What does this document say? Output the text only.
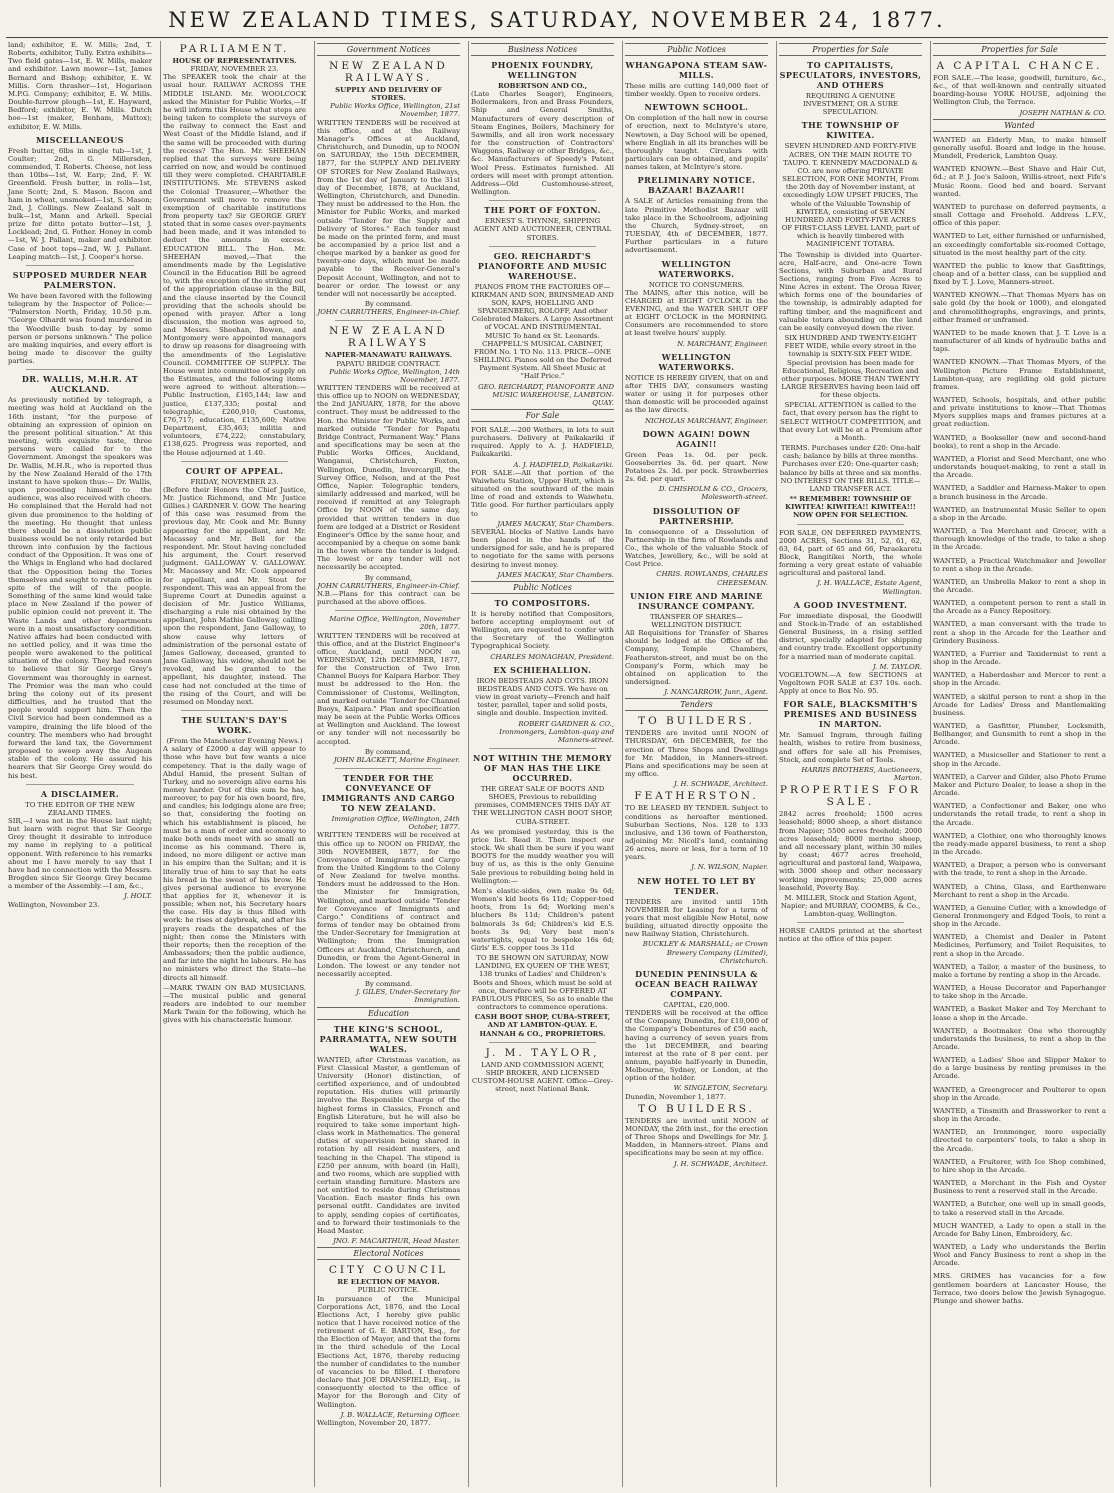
NEW ZEALAND TIMES, SATURDAY, NOVEMBER 24, 1877.

land; exhibitor, E. W. Mills; 2nd, T. Roberts, exhibitor, Tully. Extra exhibits—Two field gates—1st, E. W. Mills, maker and exhibitor. Lawn mower—1st, James Bernard and Bishop; exhibitor, E. W. Millis. Corn thrasher—1st, Hogarison M.P.G. Company; exhibitor, E. W. Mills. Double-furrow plough—1st, E. Hayward, Bedford; exhibitor, E. W. Mills. Dutch hoe—1st (maker, Benham, Mattox); exhibitor, E. W. Mills.

MISCELLANEOUS

Fresh butter, 6lbs in single tub—1st, J. Coulter; 2nd, G. Millersden, commended, T. Roberts. Cheese, not less than 10lbs—1st, W. Earp; 2nd, F. W. Greenfield. Fresh butter, in rolls—1st, Jane Scott; 2nd, S. Mason. Bacon and ham in wheat, unsmoked—1st, S. Mason; 2nd, J. Collings. New Zealand salt in bulk—1st, Mann and Arkell. Special prize for ditto potato butter—1st, J. Locklead; 2nd, G. Fother. Honey in comb—1st, W. J. Pallant, maker and exhibitor. Case of boot tops—2nd, W. J. Pallant. Leaping match—1st, J. Cooper's horse.

SUPPOSED MURDER NEAR PALMERSTON.

We have been favored with the following telegram by the Inspector of Police:— "Palmerston North, Friday, 10.50 p.m. "George Olhardt was found murdered in the Woodville bush to-day by some person or persons unknown." The police are making inquiries, and every effort is being made to discover the guilty parties.

DR. WALLIS, M.H.R. AT AUCKLAND.

As previously notified by telegraph, a meeting was held at Auckland on the 16th instant, "for the purpose of obtaining an expression of opinion on the present political situation." At this meeting, with exquisite taste, three persons were called for to the Government. Amongst the speakers was Dr. Wallis, M.H.R., who is reported thus by the New Zealand Herald of the 17th instant to have spoken thus:— Dr. Wallis, upon proceeding himself to the audience, was also received with cheers. He complained that the Herald had not given due prominence to the holding of the meeting. He thought that unless there should be a dissolution public business would be not only retarded but thrown into confusion by the factious conduct of the Opposition. It was one of the Whigs in England who had declared that the Opposition being the Tories themselves and sought to retain office in spite of the will of the people. Something of the same kind would take place in New Zealand if the power of public opinion could not prevent it. The Waste Lands and other departments were in a most unsatisfactory condition. Native affairs had been conducted with no settled policy, and it was time the people were awakened to the political situation of the colony. They had reason to believe that Sir George Grey's Government was thoroughly in earnest. The Premier was the man who could bring the colony out of its present difficulties, and he trusted that the people would support him. Then the Civil Service had been condemned as a vampire, draining the life blood of the country. The members who had brought forward the land tax, the Government proposed to sweep away the Augean stable of the colony. He assured his hearers that Sir George Grey would do his best.

A DISCLAIMER.
TO THE EDITOR OF THE NEW ZEALAND TIMES.

SIR,—I was not in the House last night; but learn with regret that Sir George Grey thought it desirable to introduce my name in replying to a political opponent. With reference to his remarks about me I have merely to say that I have had no connection with the Messrs. Brogden since Sir George Grey became a member of the Assembly.—I am, &c.,

J. HOLT.
Wellington, November 23.
PARLIAMENT.
HOUSE OF REPRESENTATIVES.
FRIDAY, NOVEMBER 23.

The SPEAKER took the chair at the usual hour. RAILWAY ACROSS THE MIDDLE ISLAND. Mr. WOOLCOCK asked the Minister for Public Works,—If he will inform this House what steps are being taken to complete the surveys of the railway to connect the East and West Coast of the Middle Island, and if the same will be proceeded with during the recess? The Hon. Mr. SHEEHAN replied that the surveys were being carried on now, and would be continued till they were completed. CHARITABLE INSTITUTIONS. Mr. STEVENS asked the Colonial Treasurer,—Whether the Government will move to remove the exemption of charitable institutions from property tax? Sir GEORGE GREY stated that in some cases over-payments had been made, and it was intended to deduct the amounts in excess. EDUCATION BILL. The Hon. Mr. SHEEHAN moved,—That the amendments made by the Legislative Council in the Education Bill be agreed to, with the exception of the striking out of the appropriation clause in the Bill, and the clause inserted by the Council providing that the schools should be opened with prayer. After a long discussion, the motion was agreed to, and Messrs. Sheehan, Bowen, and Montgomery were appointed managers to draw up reasons for disagreeing with the amendments of the Legislative Council. COMMITTEE OF SUPPLY. The House went into committee of supply on the Estimates, and the following items were agreed to without alteration:—Public Instruction, £165,144; law and justice, £137,335; postal and telegraphic, £260,910; Customs, £76,717; education, £135,600; Native Department, £35,463; militia and volunteers, £74,222; constabulary, £138,625. Progress was reported, and the House adjourned at 1.40.

COURT OF APPEAL.
FRIDAY, NOVEMBER 23.

(Before their Honors the Chief Justice, Mr. Justice Richmond, and Mr. Justice Gillies.) GARDNER V. GOW. The hearing of this case was resumed from the previous day, Mr. Cook and Mr. Bunny appearing for the appellant, and Mr. Macassey and Mr. Bell for the respondent. Mr. Stout having concluded his argument, the Court reserved judgment. GALLOWAY V. GALLOWAY. Mr. Macassey and Mr. Cook appeared for appellant, and Mr. Stout for respondent. This was an appeal from the Supreme Court at Dunedin against a decision of Mr. Justice Williams, discharging a rule nisi obtained by the appellant, John Mathie Galloway, calling upon the respondent, Jane Galloway, to show cause why letters of administration of the personal estate of James Galloway, deceased, granted to Jane Galloway, his widow, should not be revoked, and be granted to the appellant, his daughter, instead. The case had not concluded at the time of the rising of the Court, and will be resumed on Monday next.

THE SULTAN'S DAY'S WORK.
(From the Manchester Evening News.)

A salary of £2000 a day will appear to those who have but few wants a nice competency. That is the daily wage of Abdul Hamid, the present Sultan of Turkey, and no sovereign alive earns his money harder. Out of this sum he has, moreover, to pay for his own board, fire, and candles; his lodgings alone are free; so that, considering the footing on which his establishment is placed, he must be a man of order and economy to make both ends meet with so small an income as his command. There is, indeed, no more diligent or active man in his empire than the Sultan; and it is literally true of him to say that he eats his bread in the sweat of his brow. He gives personal audience to everyone that applies for it, whenever it is possible; when not, his Secretary hears the case. His day is thus filled with work: he rises at daybreak, and after his prayers reads the despatches of the night; then come the Ministers with their reports; then the reception of the Ambassadors; then the public audience, and far into the night he labours. He has no ministers who direct the State—he directs all himself.

—MARK TWAIN ON BAD MUSICIANS.—The musical public and general readers are indebted to our member Mark Twain for the following, which he gives with his characteristic humour.

Government Notices
NEW ZEALAND RAILWAYS.
SUPPLY AND DELIVERY OF STORES.
Public Works Office, Wellington, 21st November, 1877.

WRITTEN TENDERS will be received at this office, and at the Railway Manager's Offices at Auckland, Christchurch, and Dunedin, up to NOON on SATURDAY, the 15th DECEMBER, 1877, for the SUPPLY AND DELIVERY OF STORES for New Zealand Railways, from the 1st day of January to the 31st day of December, 1878, at Auckland, Wellington, Christchurch, and Dunedin. They must be addressed to the Hon. the Minister for Public Works, and marked outside "Tender for the Supply and Delivery of Stores." Each tender must be made on the printed form, and must be accompanied by a price list and a cheque marked by a banker as good for twenty-one days, which must be made payable to the Receiver-General's Deposit Account, Wellington, and not to bearer or order. The lowest or any tender will not necessarily be accepted.

By command.
JOHN CARRUTHERS, Engineer-in-Chief.
NEW ZEALAND RAILWAYS
NAPIER-MANAWATU RAILWAYS.
PAPATU BRIDGE CONTRACT.
Public Works Office, Wellington, 14th November, 1877.

WRITTEN TENDERS will be received at this office up to NOON on WEDNESDAY, the 2nd JANUARY, 1878, for the above contract. They must be addressed to the Hon. the Minister for Public Works, and marked outside "Tender for Papatu Bridge Contract, Permanent Way." Plans and specifications may be seen at the Public Works Offices, Auckland, Wanganui, Christchurch, Foxton, Wellington, Dunedin, Invercargill, the Survey Office, Nelson, and at the Post Office, Napier. Telegraphic tenders, similarly addressed and marked, will be received if remitted at any Telegraph Office by NOON of the same day, provided that written tenders in due form are lodged at a District or Resident Engineer's Office by the same hour, and accompanied by a cheque on some bank in the town where the tender is lodged. The lowest or any tender will not necessarily be accepted.

By command,
JOHN CARRUTHERS, Engineer-in-Chief.

N.B.—Plans for this contract can be purchased at the above offices.

Marine Office, Wellington, November 20th, 1877.

WRITTEN TENDERS will be received at this office, and at the District Engineer's office, Auckland, until NOON on WEDNESDAY, 12th DECEMBER, 1877, for the Construction of Two Iron Channel Buoys for Kaipara Harbor. They must be addressed to the Hon. the Commissioner of Customs, Wellington, and marked outside "Tender for Channel Buoys, Kaipara." Plan and specification may be seen at the Public Works Offices at Wellington and Auckland. The lowest or any tender will not necessarily be accepted.

By command,
JOHN BLACKETT, Marine Engineer.
TENDER FOR THE CONVEYANCE OF IMMIGRANTS AND CARGO TO NEW ZEALAND.
Immigration Office, Wellington, 24th October, 1877.

WRITTEN TENDERS will be received at this office up to NOON on FRIDAY, the 30th NOVEMBER, 1877, for the Conveyance of Immigrants and Cargo from the United Kingdom to the Colony of New Zealand for twelve months. Tenders must be addressed to the Hon. the Minister for Immigration, Wellington, and marked outside "Tender for Conveyance of Immigrants and Cargo." Conditions of contract and forms of tender may be obtained from the Under-Secretary for Immigration at Wellington; from the Immigration Officers at Auckland, Christchurch, and Dunedin, or from the Agent-General in London. The lowest or any tender not necessarily accepted.

By command.
J. GILES, Under-Secretary for Immigration.
Education
THE KING'S SCHOOL, PARRAMATTA, NEW SOUTH WALES.

WANTED, after Christmas vacation, as First Classical Master, a gentleman of University (Honor) distinction, of certified experience, and of undoubted reputation. His duties will primarily involve the Responsible Charge of the highest forms in Classics, French and English Literature, but he will also be required to take some important high-class work in Mathematics. The general duties of supervision being shared in rotation by all resident masters, and teaching in the Chapel. The stipend is £250 per annum, with board (in Hall), and two rooms, which are supplied with certain standing furniture. Masters are not entitled to reside during Christmas Vacation. Each master finds his own personal outfit. Candidates are invited to apply, sending copies of certificates, and to forward their testimonials to the Head Master.

JNO. F. MACARTHUR, Head Master.
Electoral Notices
CITY COUNCIL
RE ELECTION OF MAYOR.
PUBLIC NOTICE.

In pursuance of the Municipal Corporations Act, 1876, and the Local Elections Act, I hereby give public notice that I have received notice of the retirement of G. E. BARTON, Esq., for the Election of Mayor, and that the form in the third schedule of the Local Elections Act, 1876, thereby reducing the number of candidates to the number of vacancies to be filled. I therefore declare that JOE DRANSFIELD, Esq., is consequently elected to the office of Mayor for the Borough and City of Wellington.

J. B. WALLACE, Returning Officer.
Wellington, November 20, 1877.
Business Notices
PHOENIX FOUNDRY, WELLINGTON
ROBERTSON AND CO.,

(Late Charles Seager), Engineers, Boilermakers, Iron and Brass Founders, Ship and General Smiths, Manufacturers of every description of Steam Engines, Boilers, Machinery for Sawmills, and all iron work necessary for the construction of Contractors' Waggons, Railway or other Bridges, &c., &c. Manufacturers of Speedy's Patent Wool Press. Estimates furnished. All orders will meet with prompt attention. Address—Old Customhouse-street, Wellington.

THE PORT OF FOXTON.

ERNEST S. THYNNE, SHIPPING AGENT AND AUCTIONEER, CENTRAL STORES.

GEO. REICHARDT'S PIANOFORTE AND MUSIC WAREHOUSE.

PIANOS FROM THE FACTORIES OF—KIRKMAN AND SON, BRINSMEAD AND SON, KAPS, HOELLING AND SPANGENBERG, ROLOFF, And other Celebrated Makers. A Large Assortment of VOCAL AND INSTRUMENTAL MUSIC To hand ex St. Leonards. CHAPPELL'S MUSICAL CABINET, FROM No. 1 TO No. 113. PRICE—ONE SHILLING. Pianos sold on the Deferred Payment System. All Sheet Music at "Half Price."

GEO. REICHARDT, PIANOFORTE AND MUSIC WAREHOUSE, LAMBTON-QUAY.
For Sale

FOR SALE.—200 Wethers, in lots to suit purchasers. Delivery at Paikakariki if required. Apply to A. J. HADFIELD, Paikakariki.

A. J. HADFIELD, Paikakariki.

FOR SALE.—All that portion of the Waiwhetu Station, Upper Hutt, which is situated on the southward of the main line of road and extends to Waiwhetu. Title good. For further particulars apply to

JAMES MACKAY, Star Chambers.

SEVERAL blocks of Native Lands have been placed in the hands of the undersigned for sale, and he is prepared to negotiate for the same with persons desiring to invest money.

JAMES MACKAY, Star Chambers.
Public Notices
TO COMPOSITORS.

It is hereby notified that Compositors, before accepting employment out of Wellington, are requested to confer with the Secretary of the Wellington Typographical Society.

CHARLES MONAGHAN, President.
EX SCHIEHALLION.

IRON BEDSTEADS AND COTS. IRON BEDSTEADS AND COTS. We have on view in great variety—French and half tester, parallel, taper and solid posts, single and double. Inspection invited.

ROBERT GARDNER & CO., Ironmongers, Lambton-quay and Manners-street.
NOT WITHIN THE MEMORY OF MAN HAS THE LIKE OCCURRED.

THE GREAT SALE OF BOOTS AND SHOES, Previous to rebuilding premises, COMMENCES THIS DAY AT THE WELLINGTON CASH BOOT SHOP, CUBA-STREET.

As we promised yesterday, this is the price list. Read it. Then inspect our stock. We shall then be sure if you want BOOTS for the muddy weather you will buy of us, as this is the only Genuine Sale previous to rebuilding being held in Wellington:—

Men's elastic-sides, own make 9s 6d; Women's kid boots 6s 11d; Copper-toed boots, from 1s 6d; Working men's bluchers 8s 11d; Children's patent balmorals 3s 6d; Children's kid E.S. boots 3s 9d; Very best men's watertights, equal to bespoke 16s 6d; Girls' E.S. copper toes 3s 11d

TO BE SHOWN ON SATURDAY, NOW LANDING, EX QUEEN OF THE WEST, 138 trunks of Ladies' and Children's Boots and Shoes, which must be sold at once, therefore will be OFFERED AT FABULOUS PRICES, So as to enable the contractors to commence operations.

CASH BOOT SHOP, CUBA-STREET, AND AT LAMBTON-QUAY. E. HANNAH & CO., PROPRIETORS.

J. M. TAYLOR,

LAND AND COMMISSION AGENT, SHIP BROKER, AND LICENSED CUSTOM-HOUSE AGENT. Office—Grey-street, next National Bank.

Public Notices
WHANGAPONA STEAM SAW-MILLS.

These mills are cutting 140,000 feet of timber weekly. Open to receive orders.

NEWTOWN SCHOOL.

On completion of the hall now in course of erection, next to McIntyre's store, Newtown, a Day School will be opened, where English in all its branches will be thoroughly taught. Circulars with particulars can be obtained, and pupils' names taken, at McIntyre's store.

PRELIMINARY NOTICE. BAZAAR! BAZAAR!!

A SALE of Articles remaining from the late Primitive Methodist Bazaar will take place in the Schoolroom, adjoining the Church, Sydney-street, on TUESDAY, 4th of DECEMBER, 1877. Further particulars in a future advertisement.

WELLINGTON WATERWORKS.
NOTICE TO CONSUMERS.

The MAINS, after this notice, will be CHARGED at EIGHT O'CLOCK in the EVENING, and the WATER SHUT OFF at EIGHT O'CLOCK in the MORNING. Consumers are recommended to store at least twelve hours' supply.

N. MARCHANT, Engineer.
WELLINGTON WATERWORKS.

NOTICE IS HEREBY GIVEN, that on and after THIS DAY, consumers wasting water or using it for purposes other than domestic will be proceeded against as the law directs.

NICHOLAS MARCHANT, Engineer.
DOWN AGAIN! DOWN AGAIN!!

Green Peas 1s. 0d. per peck. Gooseberries 3s. 6d. per quart. New Potatoes 2s. 3d. per peck. Strawberries 2s. 6d. per quart.

D. CHISHOLM & CO., Grocers, Molesworth-street.
DISSOLUTION OF PARTNERSHIP.

In consequence of a Dissolution of Partnership in the firm of Rowlands and Co., the whole of the valuable Stock of Watches, Jewellery, &c., will be sold at Cost Price.

CHRIS. ROWLANDS, CHARLES CHEESEMAN.
UNION FIRE AND MARINE INSURANCE COMPANY.
TRANSFER OF SHARES—WELLINGTON DISTRICT.

All Requisitions for Transfer of Shares should be lodged at the Office of the Company, Temple Chambers, Featherston-street, and must be on the Company's Form, which may be obtained on application to the undersigned.

J. NANCARROW, Junr., Agent.
Tenders
TO BUILDERS.

TENDERS are invited until NOON of THURSDAY, 6th DECEMBER, for the erection of Three Shops and Dwellings for Mr. Maddon, in Manners-street. Plans and specifications may be seen at my office.

J. H. SCHWADE, Architect.
FEATHERSTON.

TO BE LEASED BY TENDER. Subject to conditions as hereafter mentioned. Suburban Sections, Nos. 128 to 133 inclusive, and 136 town of Featherston, adjoining Mr. Nicoll's land, containing 26 acres, more or less, for a term of 10 years.

J. N. WILSON, Napier.
NEW HOTEL TO LET BY TENDER.

TENDERS are invited until 15th NOVEMBER for Leasing for a term of years that most eligible New Hotel, now building, situated directly opposite the new Railway Station, Christchurch.

BUCKLEY & MARSHALL; or Crown Brewery Company (Limited), Christchurch.
DUNEDIN PENINSULA & OCEAN BEACH RAILWAY COMPANY.
CAPITAL, £20,000.

TENDERS will be received at the office of the Company, Dunedin, for £10,000 of the Company's Debentures of £50 each, having a currency of seven years from the 1st DECEMBER, and bearing interest at the rate of 8 per cent. per annum, payable half-yearly in Dunedin, Melbourne, Sydney, or London, at the option of the holder.

W. SINGLETON, Secretary.
Dunedin, November 1, 1877.
TO BUILDERS.

TENDERS are invited until NOON of MONDAY, the 26th inst., for the erection of Three Shops and Dwellings for Mr. J. Madden, in Manners-street. Plans and specifications may be seen at my office.

J. H. SCHWADE, Architect.
Properties for Sale
TO CAPITALISTS, SPECULATORS, INVESTORS, AND OTHERS
REQUIRING A GENUINE INVESTMENT, OR A SURE SPECULATION.
THE TOWNSHIP OF KIWITEA.

SEVEN HUNDRED AND FORTY-FIVE ACRES, ON THE MAIN ROUTE TO TAUPO. T. KENNEDY MACDONALD & CO. are now offering PRIVATE SELECTION, FOR ONE MONTH, From the 20th day of November instant, at exceedingly LOW UPSET PRICES, The whole of the Valuable Township of KIWITEA, consisting of SEVEN HUNDRED AND FORTY-FIVE ACRES OF FIRST-CLASS LEVEL LAND, part of which is heavily timbered with MAGNIFICENT TOTARA.

The Township is divided into Quarter-acre, Half-acre, and One-acre Town Sections, with Suburban and Rural Sections, ranging from Five Acres to Nine Acres in extent. The Oroua River, which forms one of the boundaries of the township, is admirably adapted for rafting timber, and the magnificent and valuable totara abounding on the land can be easily conveyed down the river.

SIX HUNDRED AND TWENTY-EIGHT FEET WIDE, while every street in the township is SIXTY-SIX FEET WIDE. Special provision has been made for Educational, Religious, Recreation and other purposes. MORE THAN TWENTY LARGE RESERVES having been laid off for these objects.

SPECIAL ATTENTION is called to the fact, that every person has the right to SELECT WITHOUT COMPETITION, and that every Lot will be at a Premium after a Month.

TERMS. Purchases under £20: One-half cash; balance by bills at three months. Purchases over £20: One-quarter cash; balance by bills at three and six months. NO INTEREST ON THE BILLS. TITLE—LAND TRANSFER ACT.

** REMEMBER! TOWNSHIP OF KIWITEA! KIWITEA!! KIWITEA!!! NOW OPEN FOR SELECTION.

FOR SALE, ON DEFERRED PAYMENTS. 2000 ACRES, Sections 31, 52, 61, 62, 63, 64, part of 65 and 66, Paraekaretu Block, Rangitikei North, the whole forming a very great estate of valuable agricultural and pastoral land.

J. H. WALLACE, Estate Agent, Wellington.
A GOOD INVESTMENT.

For immediate disposal, the Goodwill and Stock-in-Trade of an established General Business, in a rising settled district, specially adapted for shipping and country trade. Excellent opportunity for a married man of moderate capital.

J. M. TAYLOR.

VOGELTOWN.—A few SECTIONS at Vogeltown FOR SALE at £37 10s. each. Apply at once to Box No. 95.

FOR SALE, BLACKSMITH'S PREMISES AND BUSINESS IN MARTON.

Mr. Samuel Ingram, through failing health, wishes to retire from business, and offers for sale all his Premises, Stock, and complete Set of Tools.

HARRIS BROTHERS, Auctioneers, Marton.
PROPERTIES FOR SALE.

2842 acres freehold; 1500 acres leasehold; 8000 sheep, a short distance from Napier; 5500 acres freehold; 2000 acres leasehold; 8000 merino sheep, and all necessary plant, within 30 miles by coast; 4677 acres freehold, agricultural and pastoral land, Waipawa, with 3000 sheep and other necessary working improvements; 25,000 acres leasehold, Poverty Bay.

M. MILLER, Stock and Station Agent, Napier; and MURRAY, COOMBS, & Co., Lambton-quay, Wellington.

HORSE CARDS printed at the shortest notice at the office of this paper.

Properties for Sale
A CAPITAL CHANCE.

FOR SALE.—The lease, goodwill, furniture, &c., &c., of that well-known and centrally situated boarding-house YORK HOUSE, adjoining the Wellington Club, the Terrace.

JOSEPH NATHAN & CO.
Wanted

WANTED an Elderly Man, to make himself generally useful. Board and lodge in the house. Mundell, Frederick, Lambton Quay.

WANTED KNOWN.—Best Shave and Hair Cut, 6d.; at P. J. Joe's Saloon, Willis-street, next Fife's Music Room. Good bed and board. Servant wanted.

WANTED to purchase on deferred payments, a small Cottage and Freehold. Address L.F.V., office of this paper.

WANTED to Let, either furnished or unfurnished, an exceedingly comfortable six-roomed Cottage, situated in the most healthy part of the city.

WANTED the public to know that Gasfittings, cheap and of a better class, can be supplied and fixed by T. J. Love, Manners-street.

WANTED KNOWN.—That Thomas Myers has on sale gold (by the book or 1000), and elongated and chromolithographs, engravings, and prints, either framed or unframed.

WANTED to be made known that J. T. Love is a manufacturer of all kinds of hydraulic baths and taps.

WANTED KNOWN.—That Thomas Myers, of the Wellington Picture Frame Establishment, Lambton-quay, are regilding old gold picture frames.

WANTED, Schools, hospitals, and other public and private institutions to know—That Thomas Myers supplies maps and frames pictures at a great reduction.

WANTED, a Bookseller (new and second-hand books), to rent a shop in the Arcade.

WANTED, a Florist and Seed Merchant, one who understands bouquet-making, to rent a stall in the Arcade.

WANTED, a Saddler and Harness-Maker to open a branch business in the Arcade.

WANTED, an Instrumental Music Seller to open a shop in the Arcade.

WANTED, a Tea Merchant and Grocer, with a thorough knowledge of the trade, to take a shop in the Arcade.

WANTED, a Practical Watchmaker and Jeweller to rent a shop in the Arcade.

WANTED, an Umbrella Maker to rent a shop in the Arcade.

WANTED, a competent person to rent a stall in the Arcade as a Fancy Repository.

WANTED, a man conversant with the trade to rent a shop in the Arcade for the Leather and Grindery Business.

WANTED, a Furrier and Taxidermist to rent a shop in the Arcade.

WANTED, a Haberdasher and Mercer to rent a shop in the Arcade.

WANTED, a skilful person to rent a shop in the Arcade for Ladies' Dress and Mantlemaking business.

WANTED, a Gasfitter, Plumber, Locksmith, Bellhanger, and Gunsmith to rent a shop in the Arcade.

WANTED, a Musicseller and Stationer to rent a shop in the Arcade.

WANTED, a Carver and Gilder, also Photo Frame Maker and Picture Dealer, to lease a shop in the Arcade.

WANTED, a Confectioner and Baker, one who understands the retail trade, to rent a shop in the Arcade.

WANTED, a Clothier, one who thoroughly knows the ready-made apparel business, to rent a shop in the Arcade.

WANTED, a Draper, a person who is conversant with the trade, to rent a shop in the Arcade.

WANTED, a China, Glass, and Earthenware Merchant to rent a shop in the Arcade.

WANTED, a Genuine Cutler, with a knowledge of General Ironmongery and Edged Tools, to rent a shop in the Arcade.

WANTED, a Chemist and Dealer in Patent Medicines, Perfumery, and Toilet Requisites, to rent a shop in the Arcade.

WANTED, a Tailor, a master of the business, to make a fortune by renting a shop in the Arcade.

WANTED, a House Decorator and Paperhanger to take shop in the Arcade.

WANTED, a Basket Maker and Toy Merchant to lease a shop in the Arcade.

WANTED, a Bootmaker. One who thoroughly understands the business, to rent a shop in the Arcade.

WANTED, a Ladies' Shoe and Slipper Maker to do a large business by renting premises in the Arcade.

WANTED, a Greengrocer and Poulterer to open shop in the Arcade.

WANTED, a Tinsmith and Brassworker to rent a shop in the Arcade.

WANTED, an Ironmonger, more especially directed to carpenters' tools, to take a shop in the Arcade.

WANTED, a Fruiterer, with Ice Shop combined, to hire shop in the Arcade.

WANTED, a Merchant in the Fish and Oyster Business to rent a reserved stall in the Arcade.

WANTED, a Butcher, one well up in small goods, to take a reserved stall in the Arcade.

MUCH WANTED, a Lady to open a stall in the Arcade for Baby Linen, Embroidery, &c.

WANTED, a Lady who understands the Berlin Wool and Fancy Business to rent a shop in the Arcade.

MRS. GRIMES has vacancies for a few gentlemen boarders at Lancaster House, the Terrace, two doors below the Jewish Synagogue. Plunge and shower baths.
